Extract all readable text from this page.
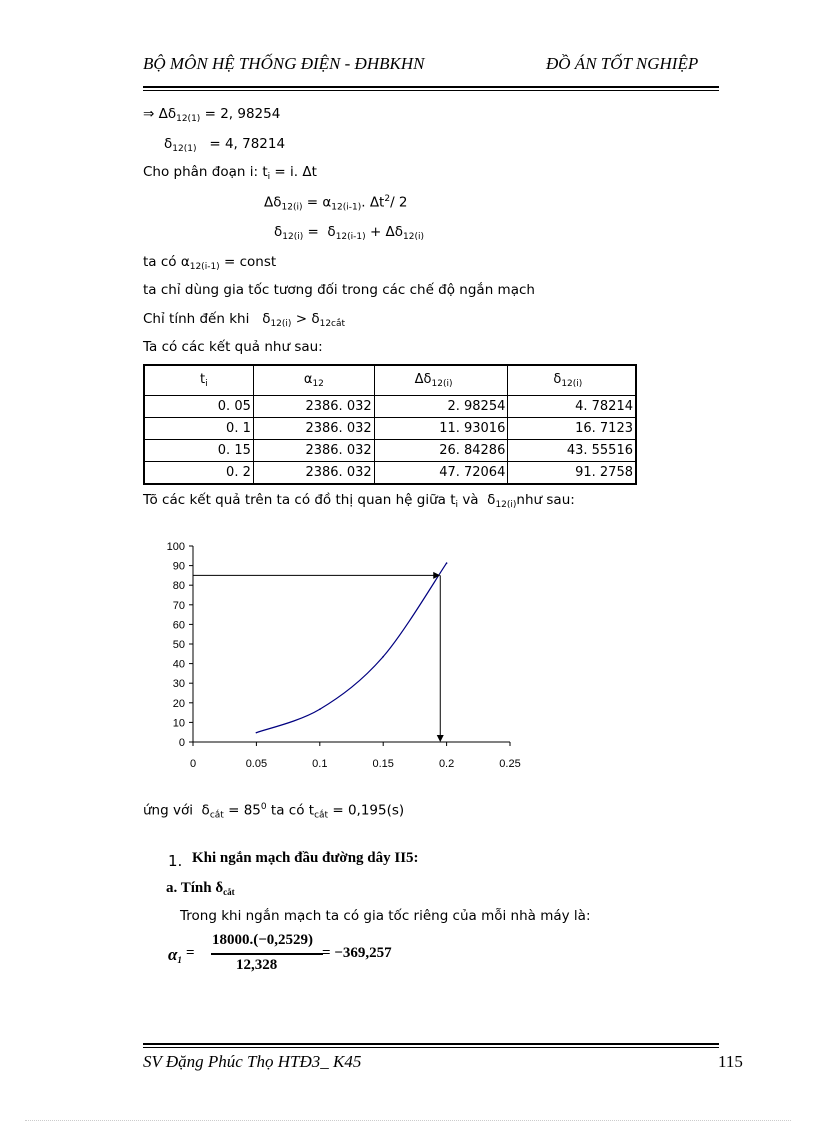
BỘ MÔN HỆ THỐNG ĐIỆN - ĐHBKHN	ĐỒ ÁN TỐT NGHIỆP
⇒ $\Delta\delta_{12(1)} = 2$, 98254
$\delta_{12(1)} = 4$, 78214
Cho phân đoạn i: $t_i = i$. Δt
$\Delta\delta_{12(i)} = \alpha_{12(i-1)}$. $\Delta t^2/$ 2
$\delta_{12(i)} = \delta_{12(i-1)} + \Delta\delta_{12(i)}$
ta có $\alpha_{12(i-1)}$ = const
ta chỉ dùng gia tốc tương đối trong các chế độ ngắn mạch
Chỉ tính đến khi   $\delta_{12(i)} > \delta_{12cắt}$
Ta có các kết quả như sau:
$t_i$	$\alpha_{12}$	$\Delta\delta_{12(i)}$	$\delta_{12(i)}$
0. 05	2386. 032	2. 98254	4. 78214
0. 1	2386. 032	11. 93016	16. 7123
0. 15	2386. 032	26. 84286	43. 55516
0. 2	2386. 032	47. 72064	91. 2758
Tõ các kết quả trên ta có đồ thị quan hệ giữa $t_i$ và  $\delta_{12(i)}như$ sau:
0
10
20
30
40
50
60
70
80
90
100
0	0.05	0.1	0.15	0.2	0.25
ứng với  $\delta_{cắt} = 85^0$ ta có $t_{cắt} = 0,195(s)$
1. Khi ngắn mạch đầu đường dây II5:
a. Tính $\delta_{cắt}$
Trong khi ngắn mạch ta có gia tốc riêng của mỗi nhà máy là:
$\alpha_1$ =
18000.(−0,2529)
12,328
= −369,257
SV Đặng Phúc Thọ HTĐ3_ K45	115
